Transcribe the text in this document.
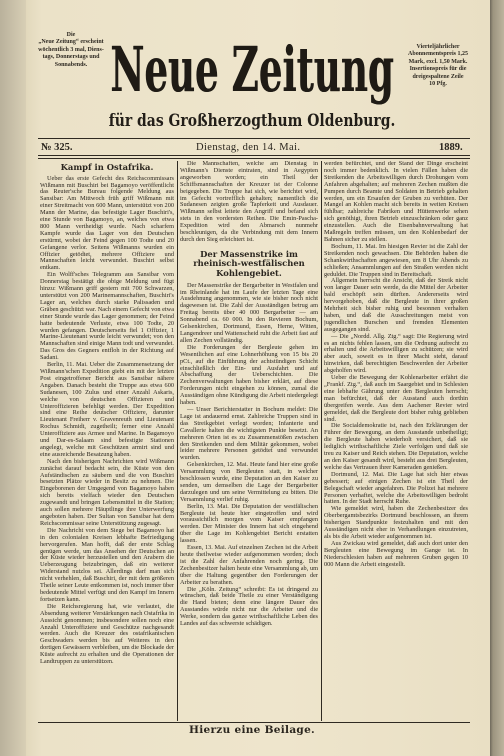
Die
„Neue Zeitung“ erscheint
wöchentlich 3 mal, Diens-
tags, Donnerstags und
Sonnabends. Neue Zeitung
für das Großherzogthum Oldenburg.
Vierteljährlicher
Abonnementspreis 1,25
Mark, excl. 1,50 Mark.
Insertionspreis für die
dreigespaltene Zeile
10 Pfg.
№ 325.	Dienstag, den 14. Mai.	1889.
Kampf in Ostafrika.

Ueber das erste Gefecht des Reichscommissars Wißmann mit Buschiri bei Bagamoyo veröffentlicht das Reuter'sche Bureau folgende Meldung aus Sansibar: Am Mittwoch früh griff Wißmann mit einer Streitmacht von 600 Mann, unterstützt von 200 Mann der Marine, das befestigte Lager Buschiri's, eine Stunde von Bagamoyo, an, welches von etwa 800 Mann vertheidigt wurde. Nach scharfem Kampfe wurde das Lager von den Deutschen erstürmt, wobei der Feind gegen 100 Todte und 20 Gefangene verlor. Seitens Wißmanns wurden ein Offizier getödtet, mehrere Offiziere und Mannschaften leicht verwundet. Buschiri selbst entkam.

Ein Wolff'sches Telegramm aus Sansibar vom Donnerstag bestätigt die obige Meldung und fügt hinzu: Wißmann griff gestern mit 700 Schwarzen, unterstützt von 200 Marinemannschaften, Buschiri's Lager an, welches durch starke Palissaden und Gräben geschützt war. Nach einem Gefecht von etwa einer Stunde wurde das Lager genommen; der Feind hatte bedeutende Verluste, etwa 100 Todte, 20 wurden gefangen. Deutscherseits fiel 1 Offizier, 1 Marine-Lieutenant wurde leicht verwundet; von den Mannschaften sind einige Mann todt und verwundet. Das Gros des Gegners entfloh in der Richtung auf Sadani.

Berlin, 11. Mai. Ueber die Zusammensetzung der Wißmann'schen Expedition giebt ein mit der letzten Post eingetroffener Bericht aus Sansibar nähere Angaben. Danach besteht die Truppe aus etwa 600 Sudanesen, 100 Zulus und einer Anzahl Askaris, welche von deutschen Offizieren und Unteroffizieren befehligt werden. Der Expedition sind eine Reihe deutscher Offiziere, darunter Lieutenant Freiherr v. Gravenreuth und Lieutenant Rochus Schmidt, zugetheilt; ferner eine Anzahl Unteroffiziere aus Armee und Marine. In Bagamoyo und Dar-es-Salaam sind befestigte Stationen angelegt, welche mit Geschützen armirt sind und eine ausreichende Besatzung haben.

Nach den bisherigen Nachrichten wird Wißmann zunächst darauf bedacht sein, die Küste von den Aufständischen zu säubern und die von Buschiri besetzten Plätze wieder in Besitz zu nehmen. Die Eingeborenen der Umgegend von Bagamoyo haben sich bereits vielfach wieder den Deutschen zugewandt und bringen Lebensmittel in die Station; auch sollen mehrere Häuptlinge ihre Unterwerfung angeboten haben. Der Sultan von Sansibar hat dem Reichscommissar seine Unterstützung zugesagt.

Die Nachricht von dem Siege bei Bagamoyo hat in den colonialen Kreisen lebhafte Befriedigung hervorgerufen. Man hofft, daß der erste Schlag genügen werde, um das Ansehen der Deutschen an der Küste wieder herzustellen und den Arabern die Ueberzeugung beizubringen, daß ein weiterer Widerstand nutzlos sei. Allerdings darf man sich nicht verhehlen, daß Buschiri, der mit dem größeren Theile seiner Leute entkommen ist, noch immer über bedeutende Mittel verfügt und den Kampf im Innern fortsetzen kann.

Die Reichsregierung hat, wie verlautet, die Absendung weiterer Verstärkungen nach Ostafrika in Aussicht genommen; insbesondere sollen noch eine Anzahl Unteroffiziere und Geschütze nachgesandt werden. Auch die Kreuzer des ostafrikanischen Geschwaders werden bis auf Weiteres in den dortigen Gewässern verbleiben, um die Blockade der Küste aufrecht zu erhalten und die Operationen der Landtruppen zu unterstützen.

Die Mannschaften, welche am Dienstag in Wißmann's Dienste eintraten, sind in Aegypten angeworben worden; ein Theil der Schiffsmannschaften der Kreuzer ist der Colonne beigegeben. Die Truppe hat sich, wie berichtet wird, im Gefecht vortrefflich gehalten; namentlich die Sudanesen zeigten große Tapferkeit und Ausdauer. Wißmann selbst leitete den Angriff und befand sich stets in den vordersten Reihen. Die Emin-Pascha-Expedition wird den Abmarsch nunmehr beschleunigen, da die Verbindung mit dem Innern durch den Sieg erleichtert ist.

Der Massenstrike im rheinisch-westfälischen Kohlengebiet.

Der Massenstrike der Bergarbeiter in Westfalen und im Rheinlande hat im Laufe der letzten Tage eine Ausdehnung angenommen, wie sie bisher noch nicht dagewesen ist. Die Zahl der Ausständigen betrug am Freitag bereits über 40 000 Bergarbeiter — am Sonnabend ca. 60 000. In den Revieren Bochum, Gelsenkirchen, Dortmund, Essen, Herne, Witten, Langendreer und Wattenscheid ruht die Arbeit fast auf allen Zechen vollständig.

Die Forderungen der Bergleute gehen im Wesentlichen auf eine Lohnerhöhung von 15 bis 20 pCt., auf die Einführung der achtstündigen Schicht einschließlich der Ein- und Ausfahrt und auf Abschaffung der Ueberschichten. Die Zechenverwaltungen haben bisher erklärt, auf diese Forderungen nicht eingehen zu können, zumal die Ausständigen ohne Kündigung die Arbeit niedergelegt haben.

— Unser Berichterstatter in Bochum meldet: Die Lage ist andauernd ernst. Zahlreiche Truppen sind in das Streikgebiet verlegt worden; Infanterie und Cavallerie halten die wichtigsten Punkte besetzt. An mehreren Orten ist es zu Zusammenstößen zwischen den Streikenden und dem Militär gekommen, wobei leider mehrere Personen getödtet und verwundet wurden.

Gelsenkirchen, 12. Mai. Heute fand hier eine große Versammlung von Bergleuten statt, in welcher beschlossen wurde, eine Deputation an den Kaiser zu senden, um demselben die Lage der Bergarbeiter darzulegen und um seine Vermittelung zu bitten. Die Versammlung verlief ruhig.

Berlin, 13. Mai. Die Deputation der westfälischen Bergleute ist heute hier eingetroffen und wird voraussichtlich morgen vom Kaiser empfangen werden. Der Minister des Innern hat sich eingehend über die Lage im Kohlengebiet Bericht erstatten lassen.

Essen, 13. Mai. Auf einzelnen Zechen ist die Arbeit heute theilweise wieder aufgenommen worden; doch ist die Zahl der Anfahrenden noch gering. Die Zechenbesitzer halten heute eine Versammlung ab, um über die Haltung gegenüber den Forderungen der Arbeiter zu berathen.

Die „Köln. Zeitung“ schreibt: Es ist dringend zu wünschen, daß beide Theile zu einer Verständigung die Hand bieten; denn eine längere Dauer des Ausstandes würde nicht nur die Arbeiter und die Werke, sondern das ganze wirthschaftliche Leben des Landes auf das schwerste schädigen.

werden befürchtet, und der Stand der Dinge erscheint noch immer bedenklich. In vielen Fällen haben die Streikenden die Arbeitswilligen durch Drohungen vom Anfahren abgehalten; auf mehreren Zechen mußten die Pumpen durch Beamte und Soldaten in Betrieb gehalten werden, um ein Ersaufen der Gruben zu verhüten. Der Mangel an Kohlen macht sich bereits in weiten Kreisen fühlbar; zahlreiche Fabriken und Hüttenwerke sehen sich genöthigt, ihren Betrieb einzuschränken oder ganz einzustellen. Auch die Eisenbahnverwaltung hat Maßregeln treffen müssen, um den Kohlenbedarf der Bahnen sicher zu stellen.

Bochum, 11. Mai. Im hiesigen Revier ist die Zahl der Streikenden noch gewachsen. Die Behörden haben die Schankwirthschaften angewiesen, um 8 Uhr Abends zu schließen; Ansammlungen auf den Straßen werden nicht geduldet. Die Truppen sind in Bereitschaft.

Allgemein herrscht die Ansicht, daß der Streik nicht von langer Dauer sein werde, da die Mittel der Arbeiter bald erschöpft sein dürften. Andererseits wird hervorgehoben, daß die Bergleute in ihrer großen Mehrheit sich bisher ruhig und besonnen verhalten haben, und daß die Ausschreitungen meist von jugendlichen Burschen und fremden Elementen ausgegangen sind.

— Die „Nordd. Allg. Ztg.“ sagt: Die Regierung wird es an nichts fehlen lassen, um die Ordnung aufrecht zu erhalten und die Arbeitswilligen zu schützen; sie wird aber auch, soweit es in ihrer Macht steht, darauf hinwirken, daß berechtigten Beschwerden der Arbeiter abgeholfen wird.

Ueber die Bewegung der Kohlenarbeiter erfährt die „Frankf. Ztg.“, daß auch im Saargebiet und in Schlesien eine lebhafte Gährung unter den Bergleuten herrscht; man befürchtet, daß der Ausstand auch dorthin übergreifen werde. Aus dem Aachener Revier wird gemeldet, daß die Bergleute dort bisher ruhig geblieben sind.

Die Socialdemokratie ist, nach den Erklärungen der Führer der Bewegung, an dem Ausstande unbetheiligt; die Bergleute haben wiederholt versichert, daß sie lediglich wirthschaftliche Ziele verfolgen und daß sie treu zu Kaiser und Reich stehen. Die Deputation, welche an den Kaiser gesandt wird, besteht aus drei Bergleuten, welche das Vertrauen ihrer Kameraden genießen.

Dortmund, 12. Mai. Die Lage hat sich hier etwas gebessert; auf einigen Zechen ist ein Theil der Belegschaft wieder angefahren. Die Polizei hat mehrere Personen verhaftet, welche die Arbeitswilligen bedroht hatten. In der Stadt herrscht Ruhe.

Wie gemeldet wird, haben die Zechenbesitzer des Oberbergamtsbezirks Dortmund beschlossen, an ihrem bisherigen Standpunkte festzuhalten und mit den Ausständigen nicht eher in Verhandlungen einzutreten, als bis die Arbeit wieder aufgenommen ist.

Aus Zwickau wird gemeldet, daß auch dort unter den Bergleuten eine Bewegung im Gange ist. In Niederschlesien haben auf mehreren Gruben gegen 10 000 Mann die Arbeit eingestellt.

Hierzu eine Beilage.
